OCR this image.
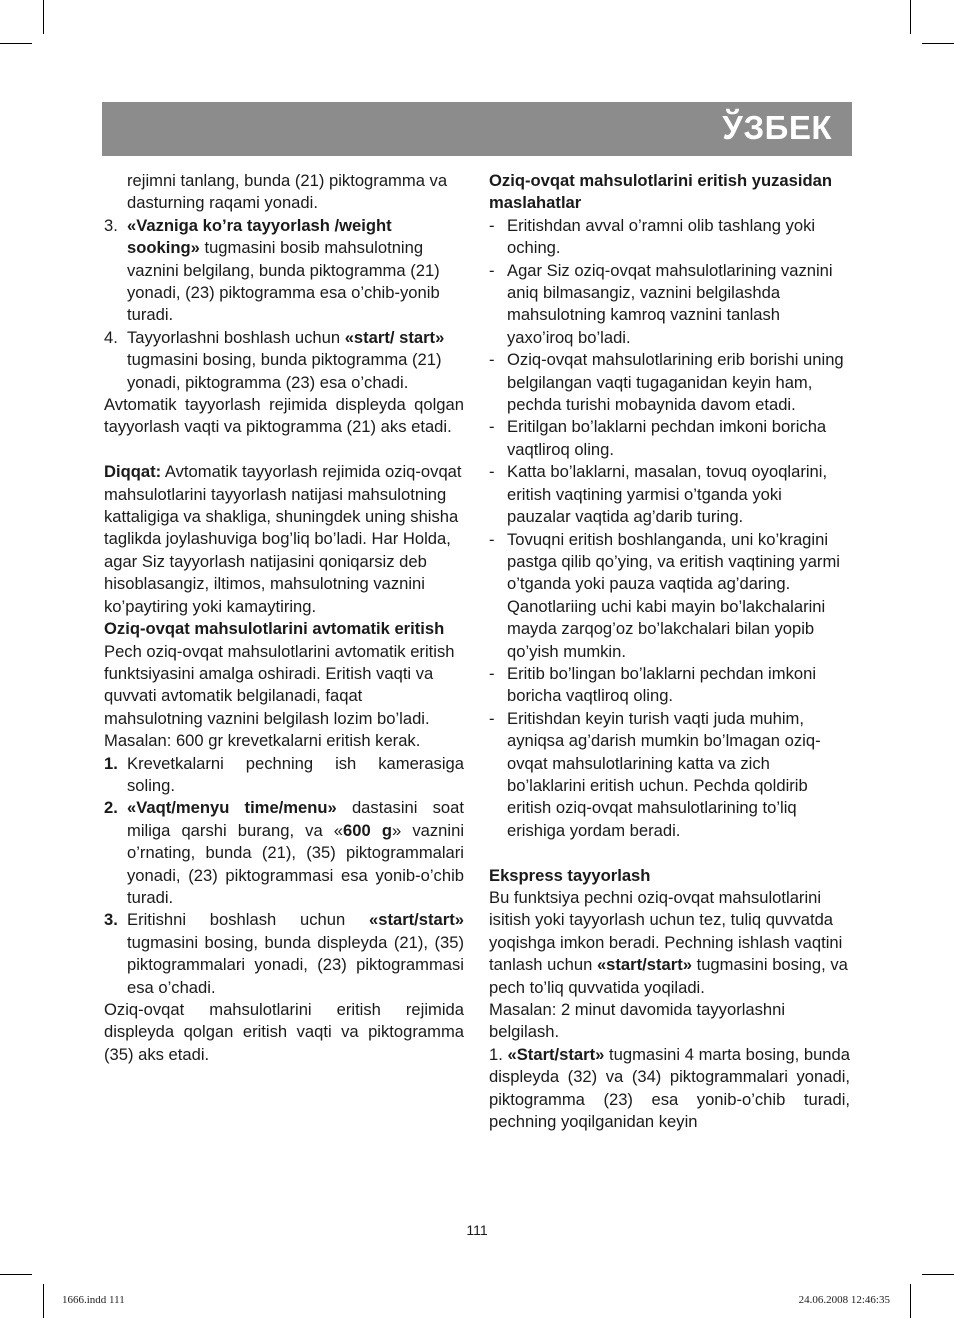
ЎЗБЕК

rejimni tanlang, bunda (21) piktogramma va dasturning raqami yonadi.

3. «Vazniga ko’ra tayyorlash /weight sooking» tugmasini bosib mahsulotning vaznini belgilang, bunda piktogramma (21) yonadi, (23) piktogramma esa o’chib-yonib turadi.
4. Tayyorlashni boshlash uchun «start/ start» tugmasini bosing, bunda piktogramma (21) yonadi, piktogramma (23) esa o’chadi.

Avtomatik tayyorlash rejimida displeyda qolgan tayyorlash vaqti va piktogramma (21) aks etadi.

Diqqat: Avtomatik tayyorlash rejimida oziq-ovqat mahsulotlarini tayyorlash natijasi mahsulotning kattaligiga va shakliga, shuningdek uning shisha taglikda joylashuviga bog’liq bo’ladi. Har Holda, agar Siz tayyorlash natijasini qoniqarsiz deb hisoblasangiz, iltimos, mahsulotning vaznini ko’paytiring yoki kamaytiring.

Oziq-ovqat mahsulotlarini avtomatik eritish

Pech oziq-ovqat mahsulotlarini avtomatik eritish funktsiyasini amalga oshiradi. Eritish vaqti va quvvati avtomatik belgilanadi, faqat mahsulotning vaznini belgilash lozim bo’ladi.

Masalan: 600 gr krevetkalarni eritish kerak.

1. Krevetkalarni pechning ish kamerasiga soling.
2. «Vaqt/menyu time/menu» dastasini soat miliga qarshi burang, va «600 g» vaznini o’rnating, bunda (21), (35) piktogrammalari yonadi, (23) piktogrammasi esa yonib-o’chib turadi.
3. Eritishni boshlash uchun «start/start» tugmasini bosing, bunda displeyda (21), (35) piktogrammalari yonadi, (23) piktogrammasi esa o’chadi.

Oziq-ovqat mahsulotlarini eritish rejimida displeyda qolgan eritish vaqti va piktogramma (35) aks etadi.

Oziq-ovqat mahsulotlarini eritish yuzasidan maslahatlar

- Eritishdan avval o’ramni olib tashlang yoki oching.
- Agar Siz oziq-ovqat mahsulotlarining vaznini aniq bilmasangiz, vaznini belgilashda mahsulotning kamroq vaznini tanlash yaxo’iroq bo’ladi.
- Oziq-ovqat mahsulotlarining erib borishi uning belgilangan vaqti tugaganidan keyin ham, pechda turishi mobaynida davom etadi.
- Eritilgan bo’laklarni pechdan imkoni boricha vaqtliroq oling.
- Katta bo’laklarni, masalan, tovuq oyoqlarini, eritish vaqtining yarmisi o’tganda yoki pauzalar vaqtida ag’darib turing.
- Tovuqni eritish boshlanganda, uni ko’kragini pastga qilib qo’ying, va eritish vaqtining yarmi o’tganda yoki pauza vaqtida ag’daring. Qanotlariing uchi kabi mayin bo’lakchalarini mayda zarqog’oz bo’lakchalari bilan yopib qo’yish mumkin.
- Eritib bo’lingan bo’laklarni pechdan imkoni boricha vaqtliroq oling.
- Eritishdan keyin turish vaqti juda muhim, ayniqsa ag’darish mumkin bo’lmagan oziq-ovqat mahsulotlarining katta va zich bo’laklarini eritish uchun. Pechda qoldirib eritish oziq-ovqat mahsulotlarining to’liq erishiga yordam beradi.

Ekspress tayyorlash

Bu funktsiya pechni oziq-ovqat mahsulotlarini isitish yoki tayyorlash uchun tez, tuliq quvvatda yoqishga imkon beradi. Pechning ishlash vaqtini tanlash uchun «start/start» tugmasini bosing, va pech to’liq quvvatida yoqiladi.

Masalan: 2 minut davomida tayyorlashni belgilash.

1. «Start/start» tugmasini 4 marta bosing, bunda displeyda (32) va (34) piktogrammalari yonadi, piktogramma (23) esa yonib-o’chib turadi, pechning yoqilganidan keyin

111
1666.indd 111	24.06.2008 12:46:35
